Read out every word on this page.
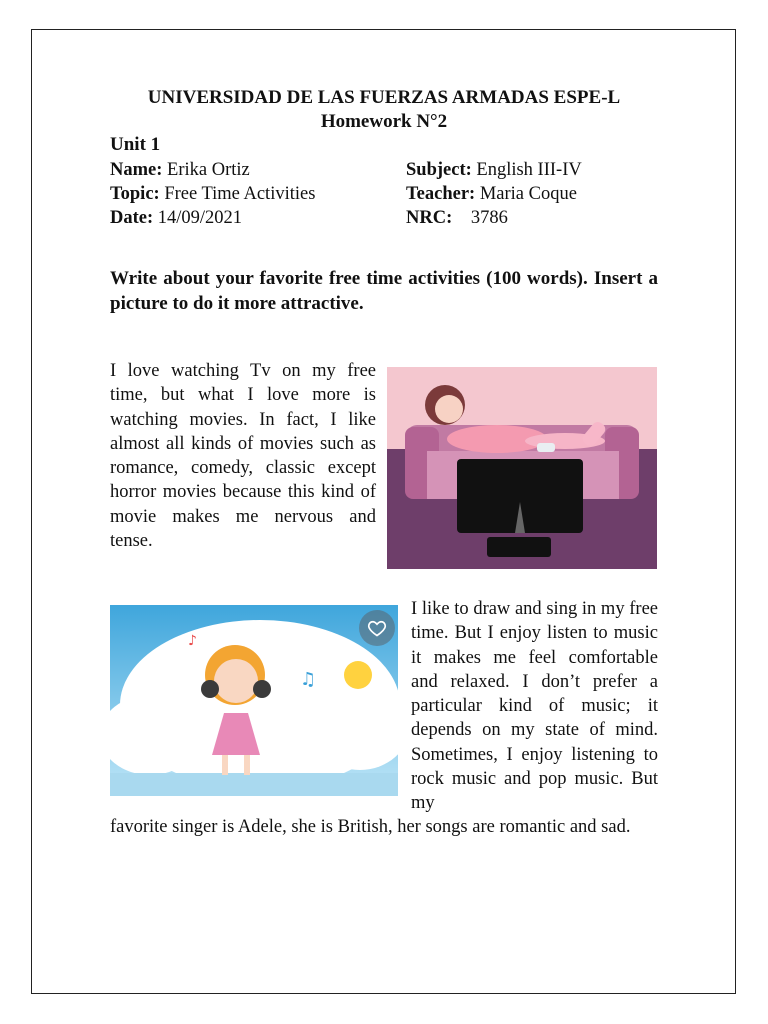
UNIVERSIDAD DE LAS FUERZAS ARMADAS ESPE-L
Homework N°2
Unit 1
Name: Erika Ortiz
Topic: Free Time Activities
Date: 14/09/2021
Subject: English III-IV
Teacher: Maria Coque
NRC: 3786
Write about your favorite free time activities (100 words). Insert a picture to do it more attractive.
I love watching Tv on my free time, but what I love more is watching movies. In fact, I like almost all kinds of movies such as romance, comedy, classic except horror movies because this kind of movie makes me nervous and tense.
♫
♪
I like to draw and sing in my free time. But I enjoy listen to music it makes me feel comfortable and relaxed. I don’t prefer a particular kind of music; it depends on my state of mind. Sometimes, I enjoy listening to rock music and pop music. But my
favorite singer is Adele, she is British, her songs are romantic and sad.
